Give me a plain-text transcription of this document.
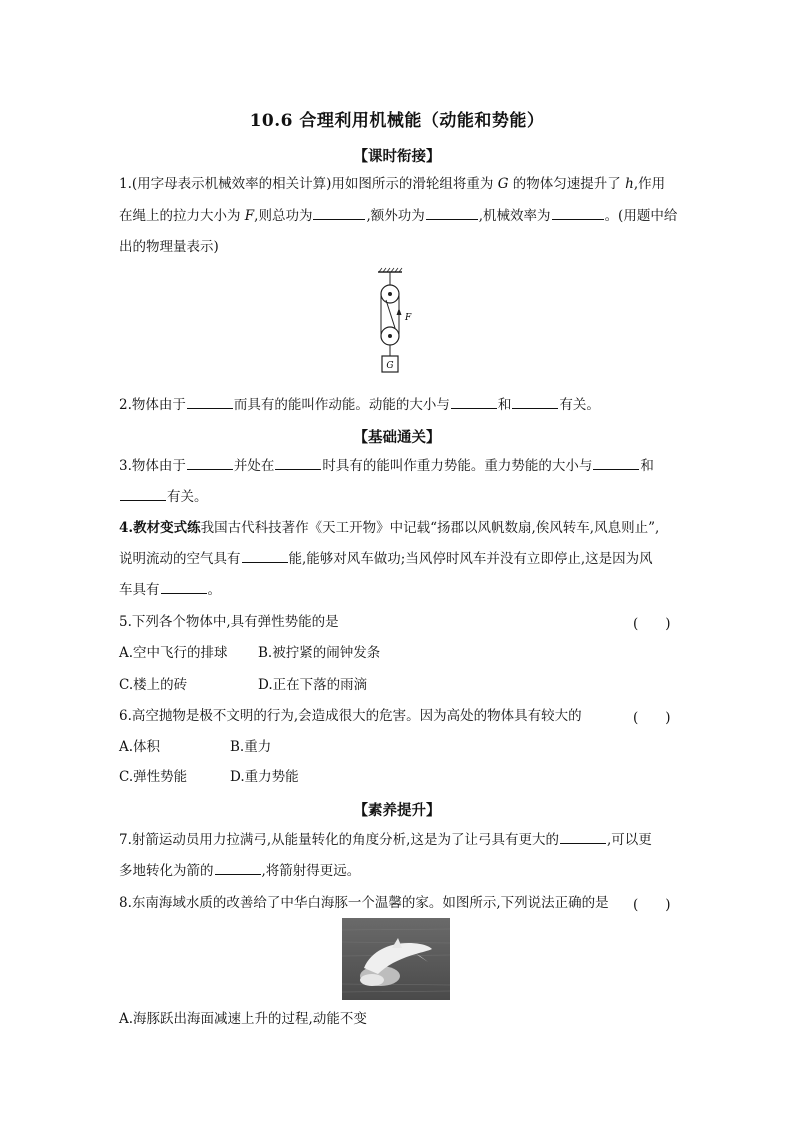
10.6 合理利用机械能（动能和势能）
【课时衔接】
1.(用字母表示机械效率的相关计算)用如图所示的滑轮组将重为 G 的物体匀速提升了 h,作用
在绳上的拉力大小为 F,则总功为	,额外功为	,机械效率为	。(用题中给
出的物理量表示)
F
G
2.物体由于	而具有的能叫作动能。动能的大小与	和	有关。
【基础通关】
3.物体由于	并处在	时具有的能叫作重力势能。重力势能的大小与	和
有关。
4.教材变式练我国古代科技著作《天工开物》中记载“扬郡以风帆数扇,俟风转车,风息则止”,
说明流动的空气具有	能,能够对风车做功;当风停时风车并没有立即停止,这是因为风
车具有	。
5.下列各个物体中,具有弹性势能的是	(　　)
A.空中飞行的排球 B.被拧紧的闹钟发条
C.楼上的砖	D.正在下落的雨滴
6.高空抛物是极不文明的行为,会造成很大的危害。因为高处的物体具有较大的	(　　)
A.体积	B.重力
C.弹性势能	D.重力势能
【素养提升】
7.射箭运动员用力拉满弓,从能量转化的角度分析,这是为了让弓具有更大的	,可以更
多地转化为箭的	,将箭射得更远。
8.东南海域水质的改善给了中华白海豚一个温馨的家。如图所示,下列说法正确的是 (　　)
A.海豚跃出海面减速上升的过程,动能不变
